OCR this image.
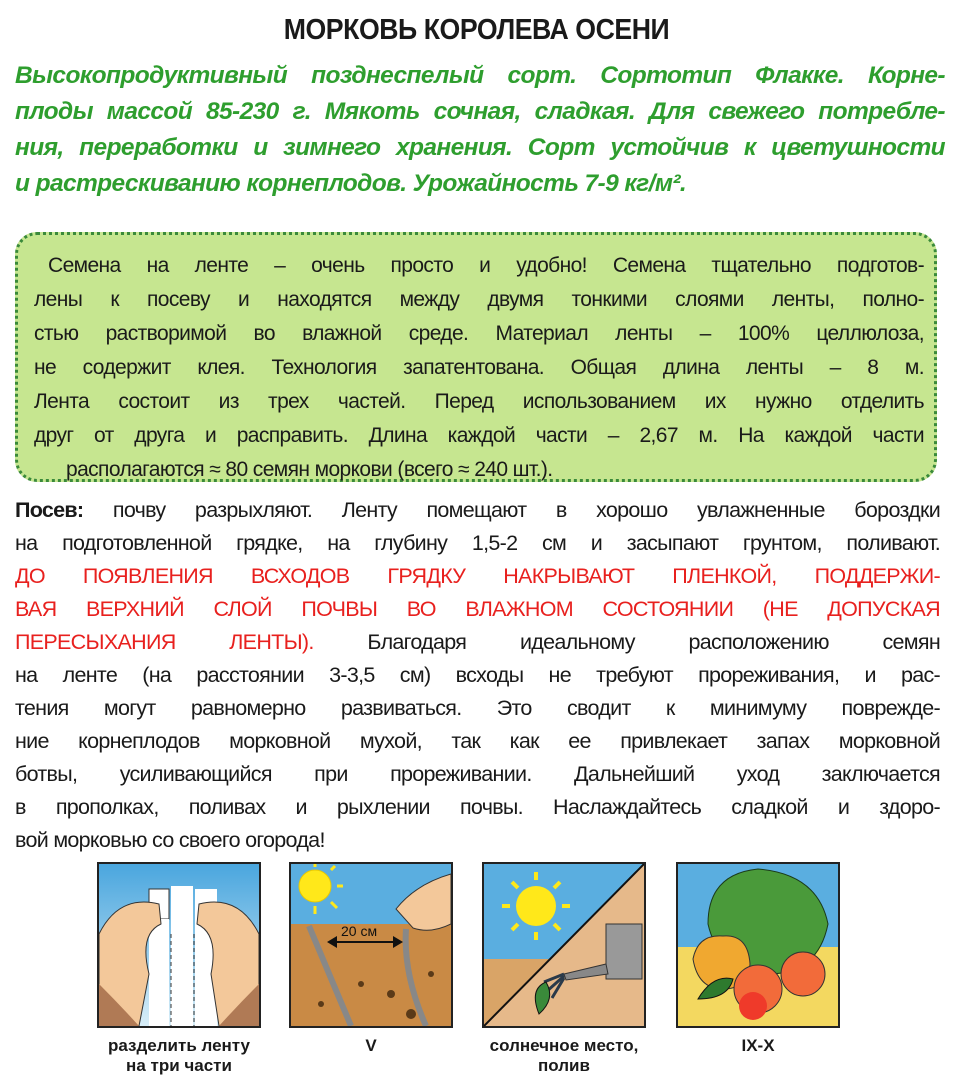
МОРКОВЬ КОРОЛЕВА ОСЕНИ
Высокопродуктивный позднеспелый сорт. Сортотип Флакке. Корне-
плоды массой 85-230 г. Мякоть сочная, сладкая. Для свежего потребле-
ния, переработки и зимнего хранения. Сорт устойчив к цветушности
и растрескиванию корнеплодов. Урожайность 7-9 кг/м².
Семена на ленте – очень просто и удобно! Семена тщательно подготов-
лены к посеву и находятся между двумя тонкими слоями ленты, полно-
стью растворимой во влажной среде. Материал ленты – 100% целлюлоза,
не содержит клея. Технология запатентована. Общая длина ленты – 8 м.
Лента состоит из трех частей. Перед использованием их нужно отделить
друг от друга и расправить. Длина каждой части – 2,67 м. На каждой части
располагаются ≈ 80 семян моркови (всего ≈ 240 шт.).
Посев: почву разрыхляют. Ленту помещают в хорошо увлажненные бороздки
на подготовленной грядке, на глубину 1,5-2 см и засыпают грунтом, поливают.
ДО ПОЯВЛЕНИЯ ВСХОДОВ ГРЯДКУ НАКРЫВАЮТ ПЛЕНКОЙ, ПОДДЕРЖИ-
ВАЯ ВЕРХНИЙ СЛОЙ ПОЧВЫ ВО ВЛАЖНОМ СОСТОЯНИИ (НЕ ДОПУСКАЯ
ПЕРЕСЫХАНИЯ ЛЕНТЫ). Благодаря идеальному расположению семян
на ленте (на расстоянии 3-3,5 см) всходы не требуют прореживания, и рас-
тения могут равномерно развиваться. Это сводит к минимуму поврежде-
ние корнеплодов морковной мухой, так как ее привлекает запах морковной
ботвы, усиливающийся при прореживании. Дальнейший уход заключается
в прополках, поливах и рыхлении почвы. Наслаждайтесь сладкой и здоро-
вой морковью со своего огорода!
разделить ленту
на три части
20 см
V	солнечное место,
полив
IX-X
